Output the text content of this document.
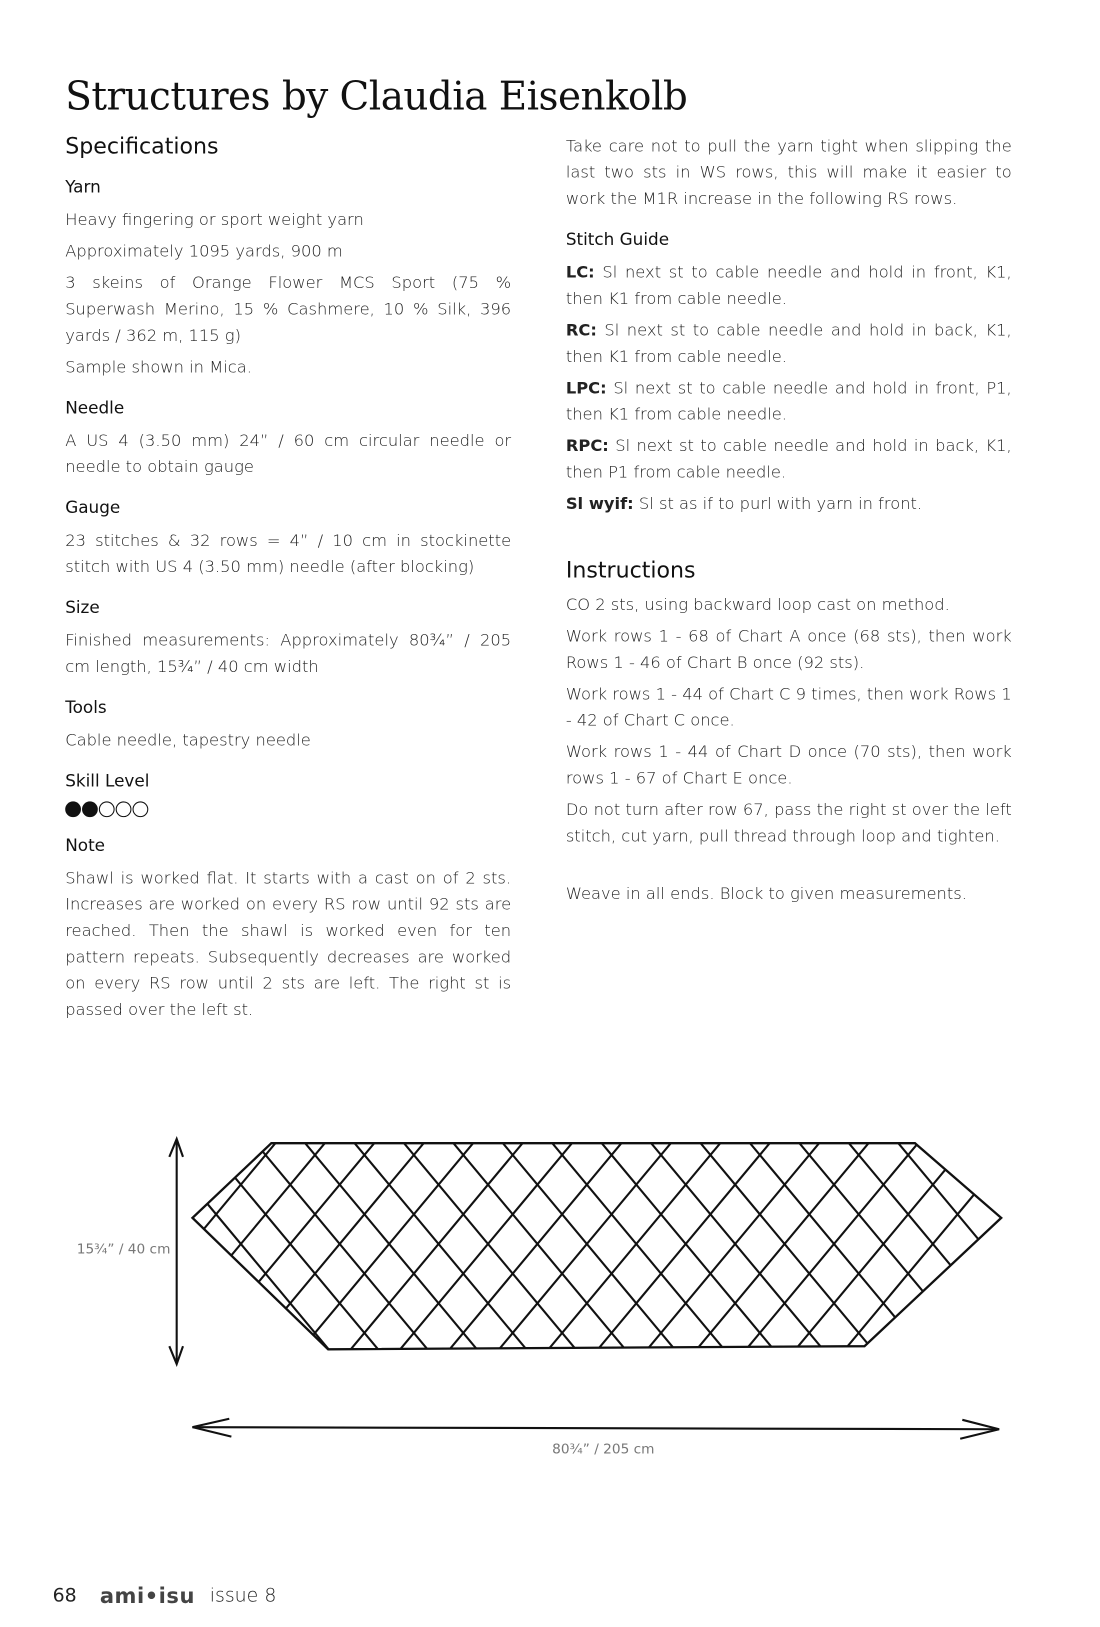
Structures by Claudia Eisenkolb
Specifications
Yarn

Heavy fingering or sport weight yarn

Approximately 1095 yards, 900 m

3 skeins of Orange Flower MCS Sport (75 % Superwash Merino, 15 % Cashmere, 10 % Silk, 396 yards / 362 m, 115 g)

Sample shown in Mica.

Needle

A US 4 (3.50 mm) 24” / 60 cm circular needle or needle to obtain gauge

Gauge

23 stitches & 32 rows = 4” / 10 cm in stockinette stitch with US 4 (3.50 mm) needle (after blocking)

Size

Finished measurements: Approximately 80¾” / 205 cm length, 15¾” / 40 cm width

Tools

Cable needle, tapestry needle

Skill Level
Note

Shawl is worked flat. It starts with a cast on of 2 sts. Increases are worked on every RS row until 92 sts are reached. Then the shawl is worked even for ten pattern repeats. Subsequently decreases are worked on every RS row until 2 sts are left. The right st is passed over the left st.

Take care not to pull the yarn tight when slipping the last two sts in WS rows, this will make it easier to work the M1R increase in the following RS rows.

Stitch Guide

LC: Sl next st to cable needle and hold in front, K1, then K1 from cable needle.

RC: Sl next st to cable needle and hold in back, K1, then K1 from cable needle.

LPC: Sl next st to cable needle and hold in front, P1, then K1 from cable needle.

RPC: Sl next st to cable needle and hold in back, K1, then P1 from cable needle.

Sl wyif: Sl st as if to purl with yarn in front.

Instructions

CO 2 sts, using backward loop cast on method.

Work rows 1 - 68 of Chart A once (68 sts), then work Rows 1 - 46 of Chart B once (92 sts).

Work rows 1 - 44 of Chart C 9 times, then work Rows 1 - 42 of Chart C once.

Work rows 1 - 44 of Chart D once (70 sts), then work rows 1 - 67 of Chart E once.

Do not turn after row 67, pass the right st over the left stitch, cut yarn, pull thread through loop and tighten.

Weave in all ends. Block to given measurements.

15¾” / 40 cm
80¾” / 205 cm
68 ami•isu issue 8
